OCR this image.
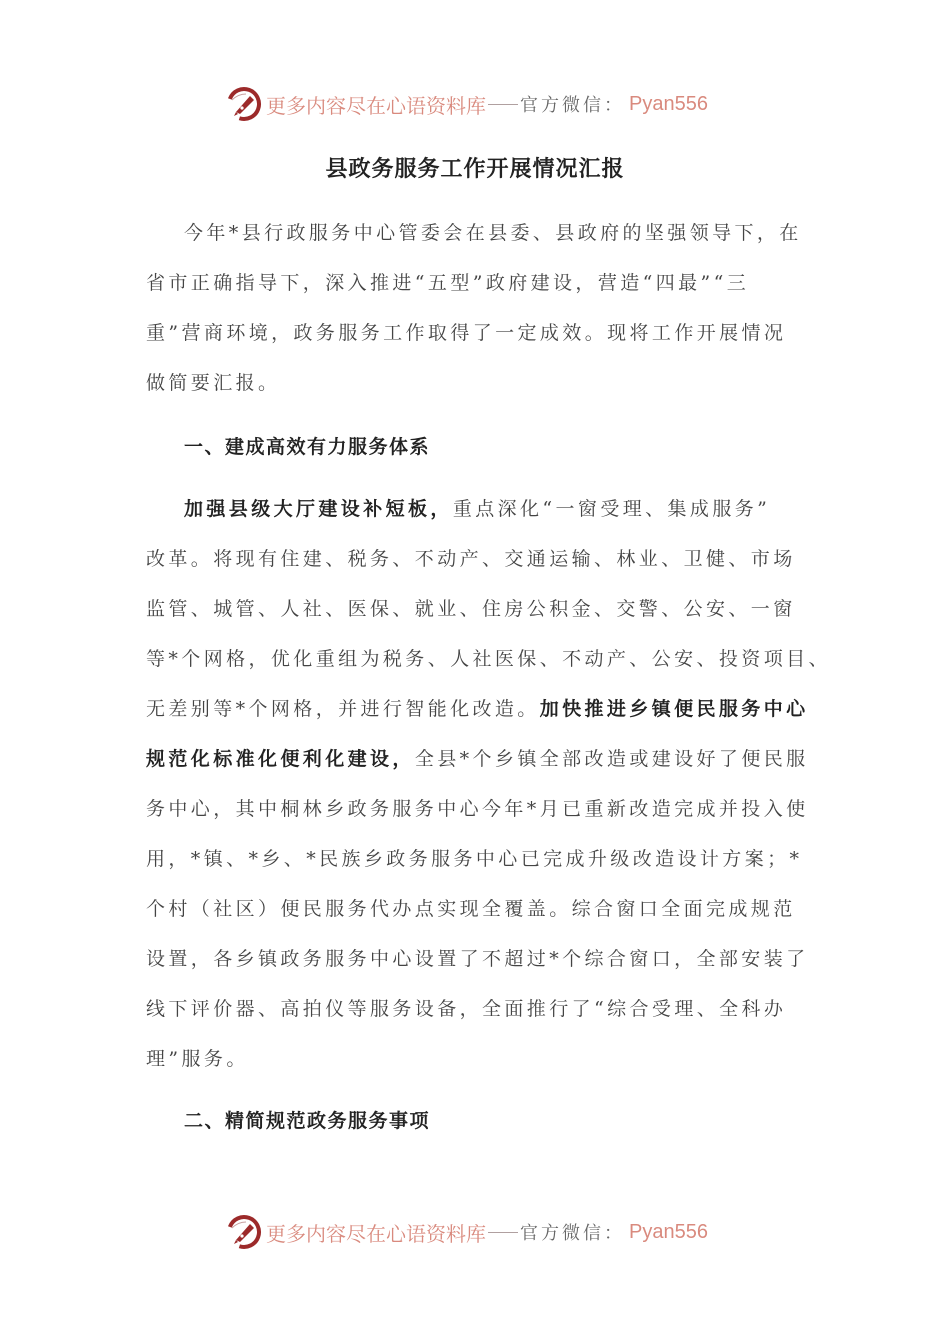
更多内容尽在心语资料库 官方微信： Pyan556
县政务服务工作开展情况汇报
今年*县行政服务中心管委会在县委、县政府的坚强领导下，在
省市正确指导下，深入推进“五型”政府建设，营造“四最”“三
重”营商环境，政务服务工作取得了一定成效。现将工作开展情况
做简要汇报。
一、建成高效有力服务体系
加强县级大厅建设补短板，重点深化“一窗受理、集成服务”
改革。将现有住建、税务、不动产、交通运输、林业、卫健、市场
监管、城管、人社、医保、就业、住房公积金、交警、公安、一窗
等*个网格，优化重组为税务、人社医保、不动产、公安、投资项目、
无差别等*个网格，并进行智能化改造。加快推进乡镇便民服务中心
规范化标准化便利化建设，全县*个乡镇全部改造或建设好了便民服
务中心，其中桐林乡政务服务中心今年*月已重新改造完成并投入使
用，*镇、*乡、*民族乡政务服务中心已完成升级改造设计方案；*
个村（社区）便民服务代办点实现全覆盖。综合窗口全面完成规范
设置，各乡镇政务服务中心设置了不超过*个综合窗口，全部安装了
线下评价器、高拍仪等服务设备，全面推行了“综合受理、全科办
理”服务。
二、精简规范政务服务事项
更多内容尽在心语资料库 官方微信： Pyan556
